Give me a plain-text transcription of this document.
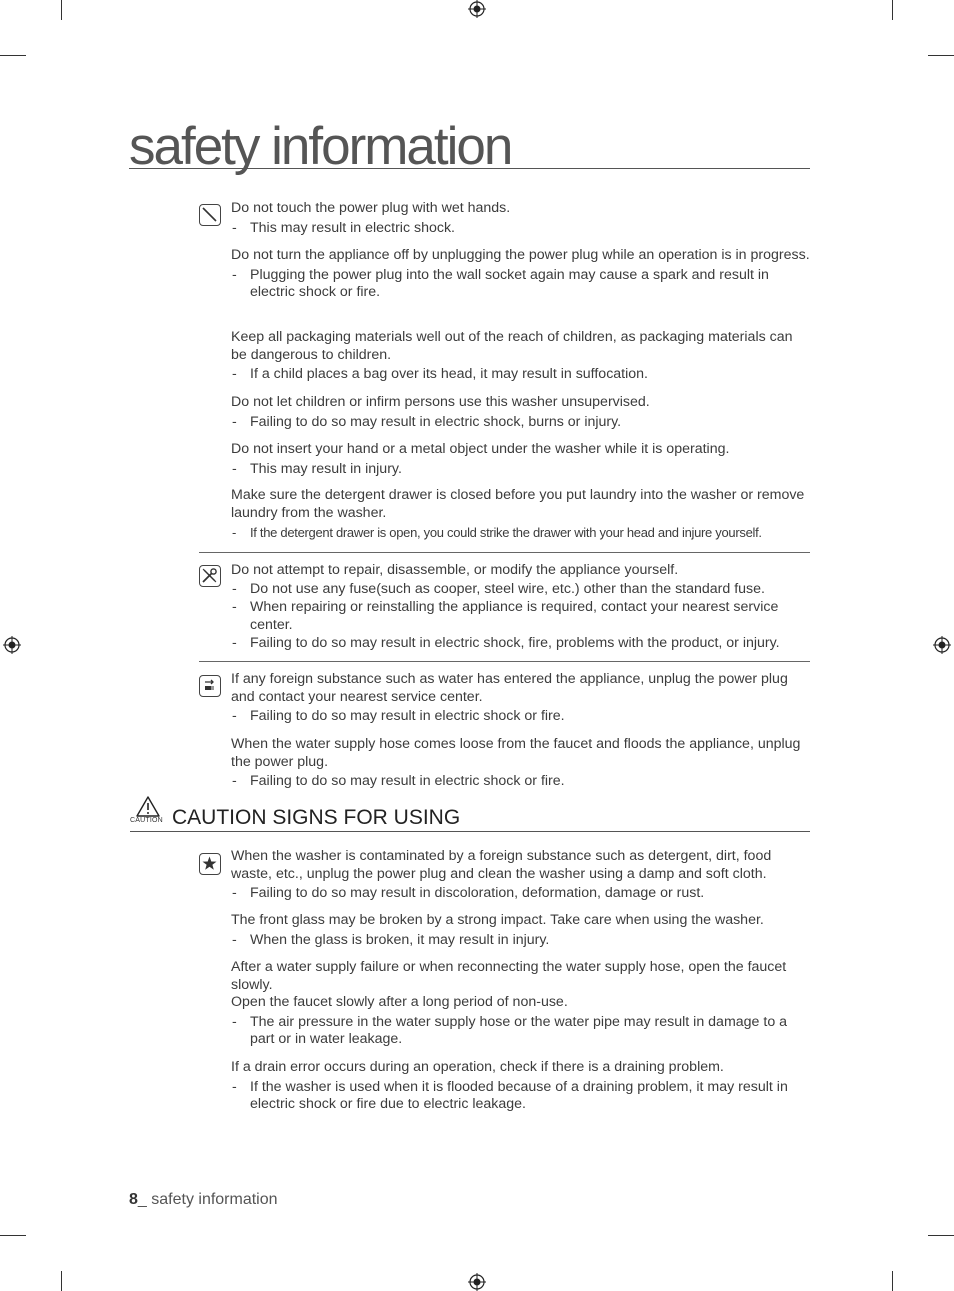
safety information

Do not touch the power plug with wet hands.

- This may result in electric shock.

Do not turn the appliance off by unplugging the power plug while an operation is in progress.

- Plugging the power plug into the wall socket again may cause a spark and result in electric shock or fire.

Keep all packaging materials well out of the reach of children, as packaging materials can be dangerous to children.

- If a child places a bag over its head, it may result in suffocation.

Do not let children or infirm persons use this washer unsupervised.

- Failing to do so may result in electric shock, burns or injury.

Do not insert your hand or a metal object under the washer while it is operating.

- This may result in injury.

Make sure the detergent drawer is closed before you put laundry into the washer or remove laundry from the washer.

- If the detergent drawer is open, you could strike the drawer with your head and injure yourself.

Do not attempt to repair, disassemble, or modify the appliance yourself.

- Do not use any fuse(such as cooper, steel wire, etc.) other than the standard fuse.

- When repairing or reinstalling the appliance is required, contact your nearest service center.

- Failing to do so may result in electric shock, fire, problems with the product, or injury.

If any foreign substance such as water has entered the appliance, unplug the power plug and contact your nearest service center.

- Failing to do so may result in electric shock or fire.

When the water supply hose comes loose from the faucet and floods the appliance, unplug the power plug.

- Failing to do so may result in electric shock or fire.

CAUTION CAUTION SIGNS FOR USING

When the washer is contaminated by a foreign substance such as detergent, dirt, food waste, etc., unplug the power plug and clean the washer using a damp and soft cloth.

- Failing to do so may result in discoloration, deformation, damage or rust.

The front glass may be broken by a strong impact. Take care when using the washer.

- When the glass is broken, it may result in injury.

After a water supply failure or when reconnecting the water supply hose, open the faucet slowly.

Open the faucet slowly after a long period of non-use.

- The air pressure in the water supply hose or the water pipe may result in damage to a part or in water leakage.

If a drain error occurs during an operation, check if there is a draining problem.

- If the washer is used when it is flooded because of a draining problem, it may result in electric shock or fire due to electric leakage.

8_ safety information
